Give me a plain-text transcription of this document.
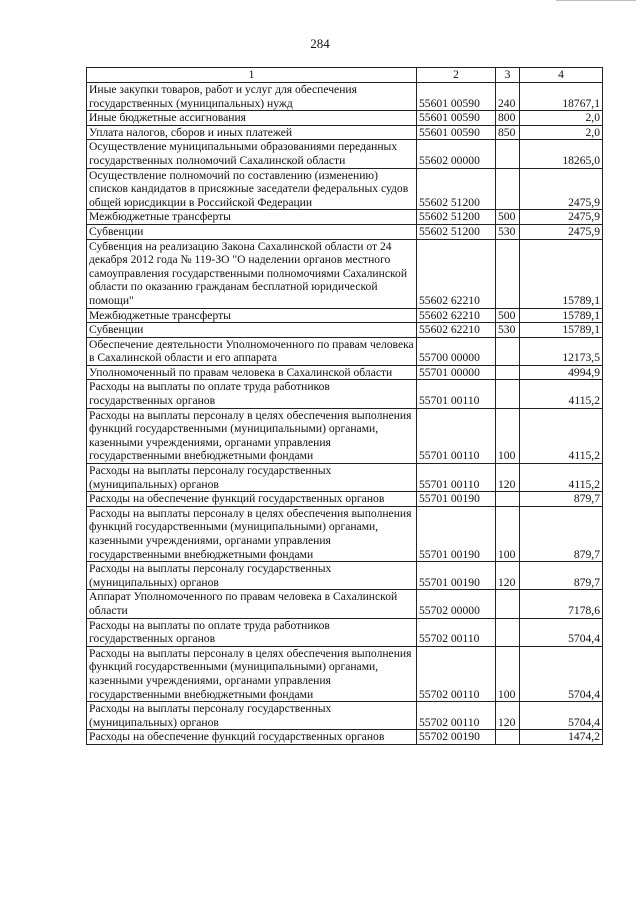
284
1	2	3	4
Иные закупки товаров, работ и услуг для обеспечения государственных (муниципальных) нужд	55601 00590	240	18767,1
Иные бюджетные ассигнования	55601 00590	800	2,0
Уплата налогов, сборов и иных платежей	55601 00590	850	2,0
Осуществление муниципальными образованиями переданных государственных полномочий Сахалинской области	55602 00000		18265,0
Осуществление полномочий по составлению (изменению) списков кандидатов в присяжные заседатели федеральных судов общей юрисдикции в Российской Федерации	55602 51200		2475,9
Межбюджетные трансферты	55602 51200	500	2475,9
Субвенции	55602 51200	530	2475,9
Субвенция на реализацию Закона Сахалинской области от 24 декабря 2012 года № 119-ЗО "О наделении органов местного самоуправления государственными полномочиями Сахалинской области по оказанию гражданам бесплатной юридической помощи"	55602 62210		15789,1
Межбюджетные трансферты	55602 62210	500	15789,1
Субвенции	55602 62210	530	15789,1
Обеспечение деятельности Уполномоченного по правам человека в Сахалинской области и его аппарата	55700 00000		12173,5
Уполномоченный по правам человека в Сахалинской области	55701 00000		4994,9
Расходы на выплаты по оплате труда работников государственных органов	55701 00110		4115,2
Расходы на выплаты персоналу в целях обеспечения выполнения функций государственными (муниципальными) органами, казенными учреждениями, органами управления государственными внебюджетными фондами	55701 00110	100	4115,2
Расходы на выплаты персоналу государственных (муниципальных) органов	55701 00110	120	4115,2
Расходы на обеспечение функций государственных органов	55701 00190		879,7
Расходы на выплаты персоналу в целях обеспечения выполнения функций государственными (муниципальными) органами, казенными учреждениями, органами управления государственными внебюджетными фондами	55701 00190	100	879,7
Расходы на выплаты персоналу государственных (муниципальных) органов	55701 00190	120	879,7
Аппарат Уполномоченного по правам человека в Сахалинской области	55702 00000		7178,6
Расходы на выплаты по оплате труда работников государственных органов	55702 00110		5704,4
Расходы на выплаты персоналу в целях обеспечения выполнения функций государственными (муниципальными) органами, казенными учреждениями, органами управления государственными внебюджетными фондами	55702 00110	100	5704,4
Расходы на выплаты персоналу государственных (муниципальных) органов	55702 00110	120	5704,4
Расходы на обеспечение функций государственных органов	55702 00190		1474,2
